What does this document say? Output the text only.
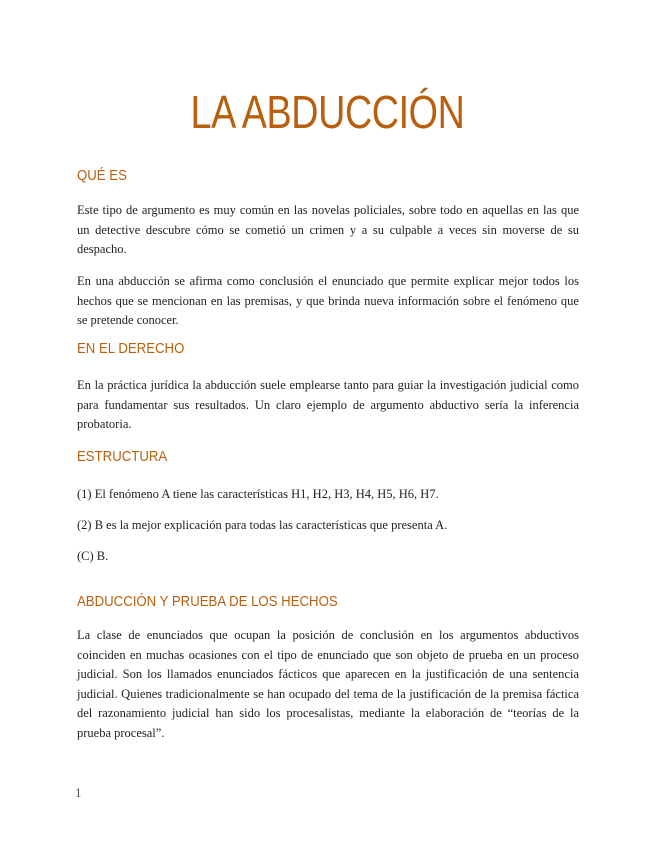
LA ABDUCCIÓN
QUÉ ES

Este tipo de argumento es muy común en las novelas policiales, sobre todo en aquellas en las que un detective descubre cómo se cometió un crimen y a su culpable a veces sin moverse de su despacho.

En una abducción se afirma como conclusión el enunciado que permite explicar mejor todos los hechos que se mencionan en las premisas, y que brinda nueva información sobre el fenómeno que se pretende conocer.

EN EL DERECHO

En la práctica jurídica la abducción suele emplearse tanto para guiar la investigación judicial como para fundamentar sus resultados. Un claro ejemplo de argumento abductivo sería la inferencia probatoria.

ESTRUCTURA

(1) El fenómeno A tiene las características H1, H2, H3, H4, H5, H6, H7.

(2) B es la mejor explicación para todas las características que presenta A.

(C) B.

ABDUCCIÓN Y PRUEBA DE LOS HECHOS

La clase de enunciados que ocupan la posición de conclusión en los argumentos abductivos coinciden en muchas ocasiones con el tipo de enunciado que son objeto de prueba en un proceso judicial. Son los llamados enunciados fácticos que aparecen en la justificación de una sentencia judicial. Quienes tradicionalmente se han ocupado del tema de la justificación de la premisa fáctica del razonamiento judicial han sido los procesalistas, mediante la elaboración de “teorías de la prueba procesal”.

1
